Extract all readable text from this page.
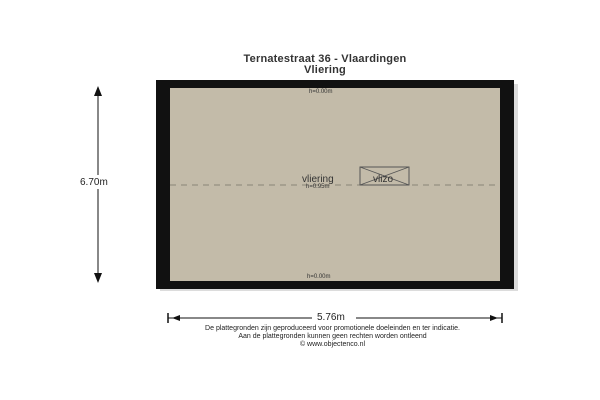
Ternatestraat 36 - Vlaardingen
Vliering
6.70m
5.76m
vliering	vlizo
h=0.00m
h=0.95m
h=0.00m
De plattegronden zijn geproduceerd voor promotionele doeleinden en ter indicatie.
Aan de plattegronden kunnen geen rechten worden ontleend
© www.objectenco.nl
